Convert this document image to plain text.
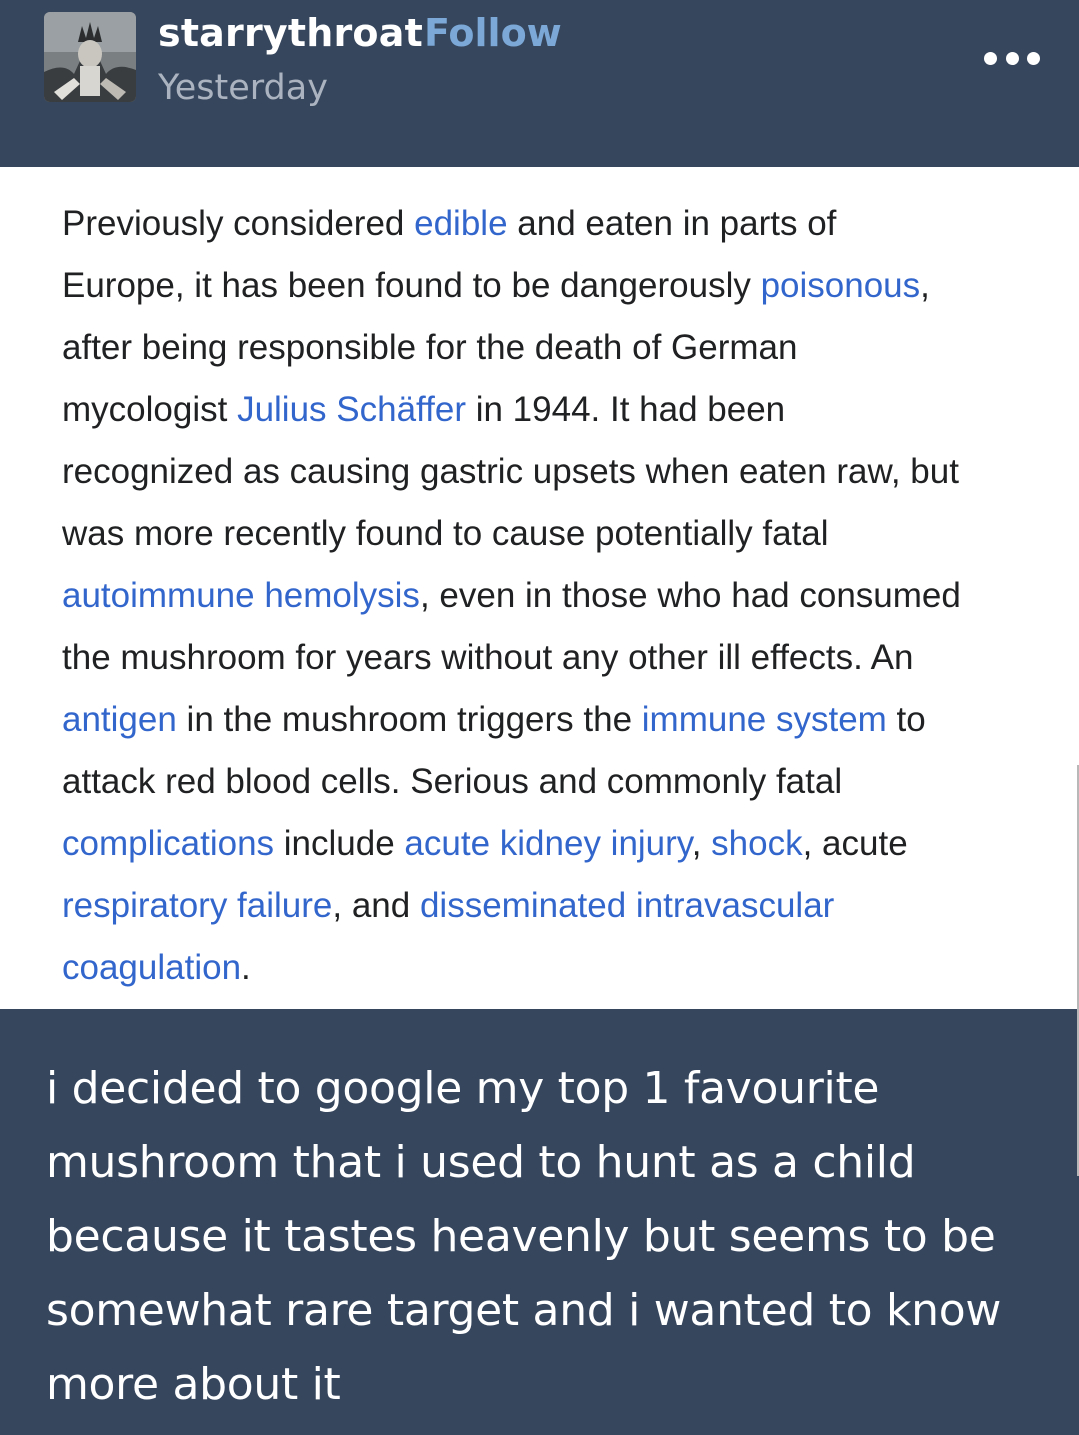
starrythroat Follow
Yesterday
Previously considered edible and eaten in parts of
Europe, it has been found to be dangerously poisonous,
after being responsible for the death of German
mycologist Julius Schäffer in 1944. It had been
recognized as causing gastric upsets when eaten raw, but
was more recently found to cause potentially fatal
autoimmune hemolysis, even in those who had consumed
the mushroom for years without any other ill effects. An
antigen in the mushroom triggers the immune system to
attack red blood cells. Serious and commonly fatal
complications include acute kidney injury, shock, acute
respiratory failure, and disseminated intravascular
coagulation.
i decided to google my top 1 favourite
mushroom that i used to hunt as a child
because it tastes heavenly but seems to be
somewhat rare target and i wanted to know
more about it
